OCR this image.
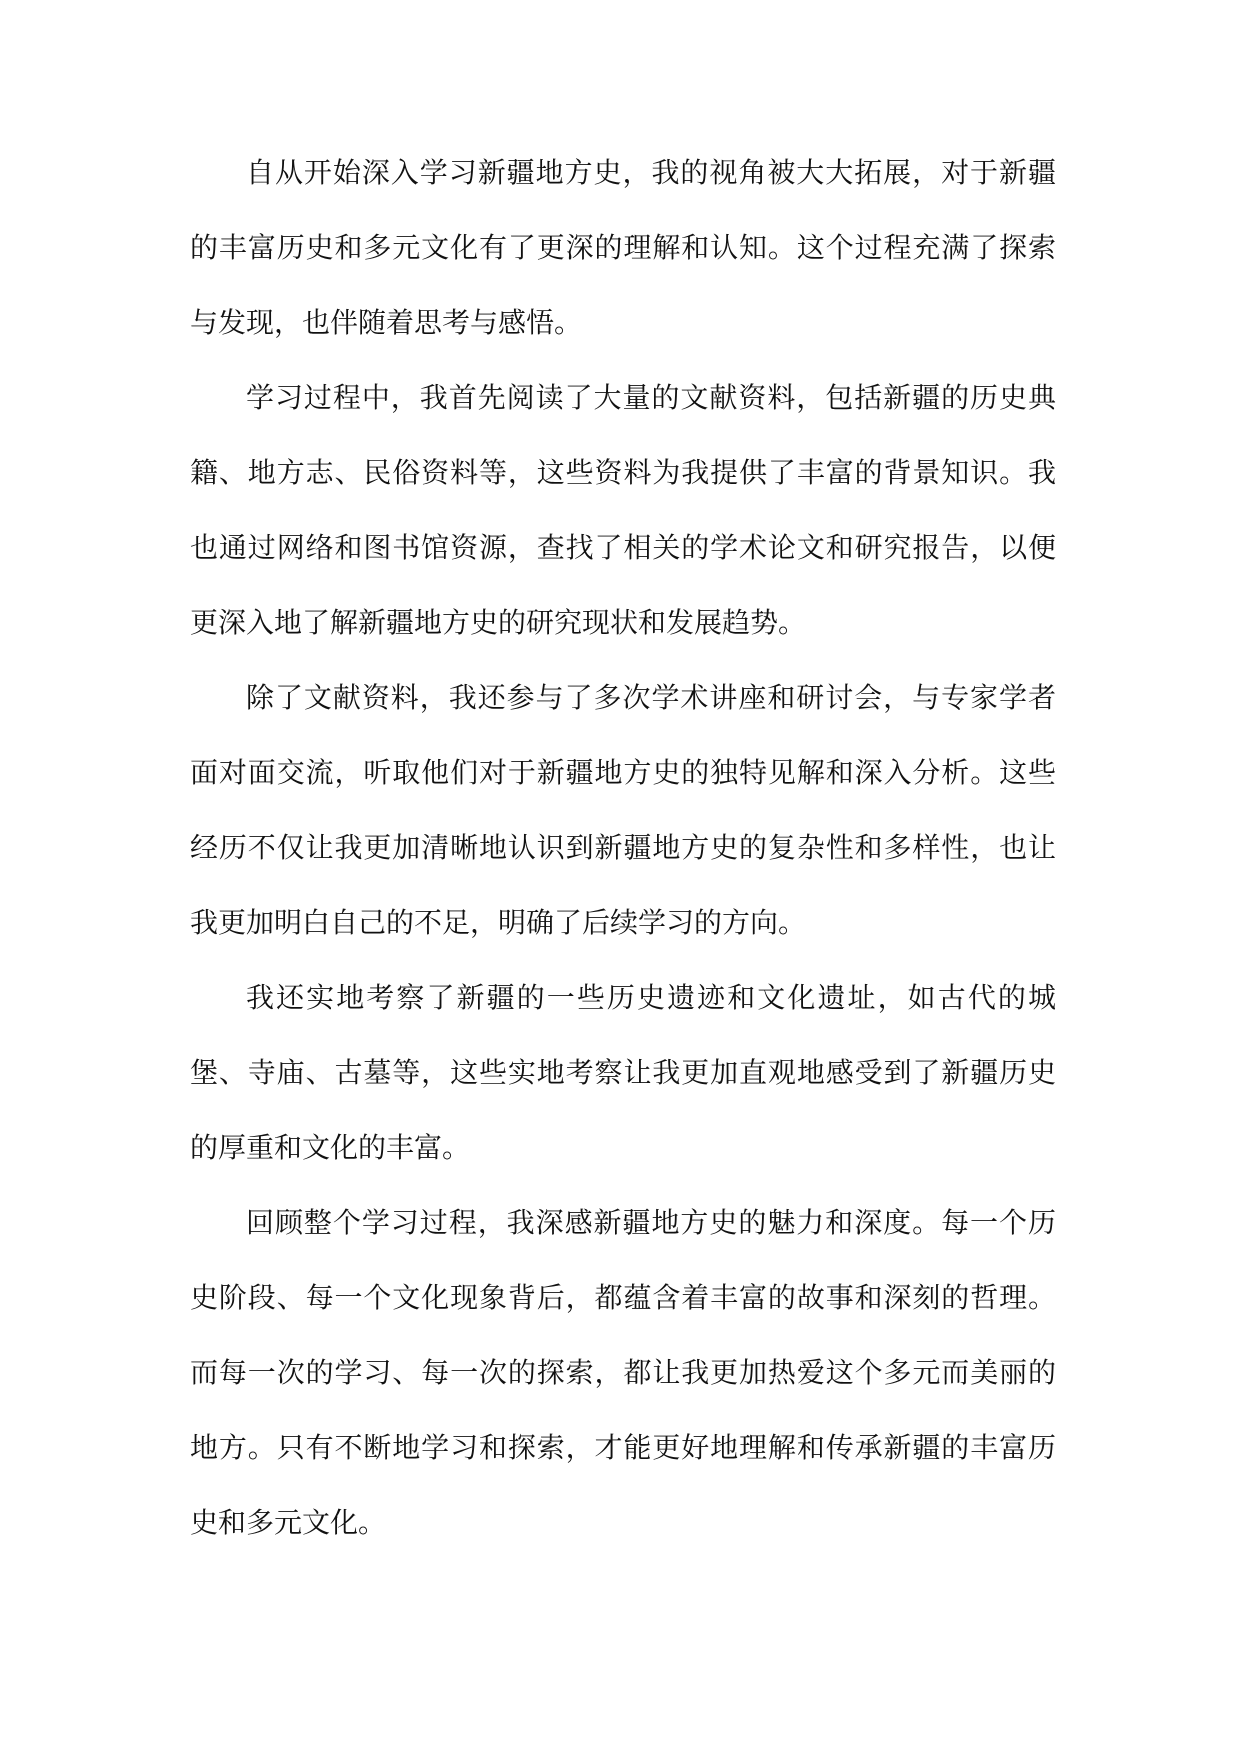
自从开始深入学习新疆地方史，我的视角被大大拓展，对于新疆的丰富历史和多元文化有了更深的理解和认知。这个过程充满了探索与发现，也伴随着思考与感悟。

学习过程中，我首先阅读了大量的文献资料，包括新疆的历史典籍、地方志、民俗资料等，这些资料为我提供了丰富的背景知识。我也通过网络和图书馆资源，查找了相关的学术论文和研究报告，以便更深入地了解新疆地方史的研究现状和发展趋势。

除了文献资料，我还参与了多次学术讲座和研讨会，与专家学者面对面交流，听取他们对于新疆地方史的独特见解和深入分析。这些经历不仅让我更加清晰地认识到新疆地方史的复杂性和多样性，也让我更加明白自己的不足，明确了后续学习的方向。

我还实地考察了新疆的一些历史遗迹和文化遗址，如古代的城堡、寺庙、古墓等，这些实地考察让我更加直观地感受到了新疆历史的厚重和文化的丰富。

回顾整个学习过程，我深感新疆地方史的魅力和深度。每一个历史阶段、每一个文化现象背后，都蕴含着丰富的故事和深刻的哲理。而每一次的学习、每一次的探索，都让我更加热爱这个多元而美丽的地方。只有不断地学习和探索，才能更好地理解和传承新疆的丰富历史和多元文化。
